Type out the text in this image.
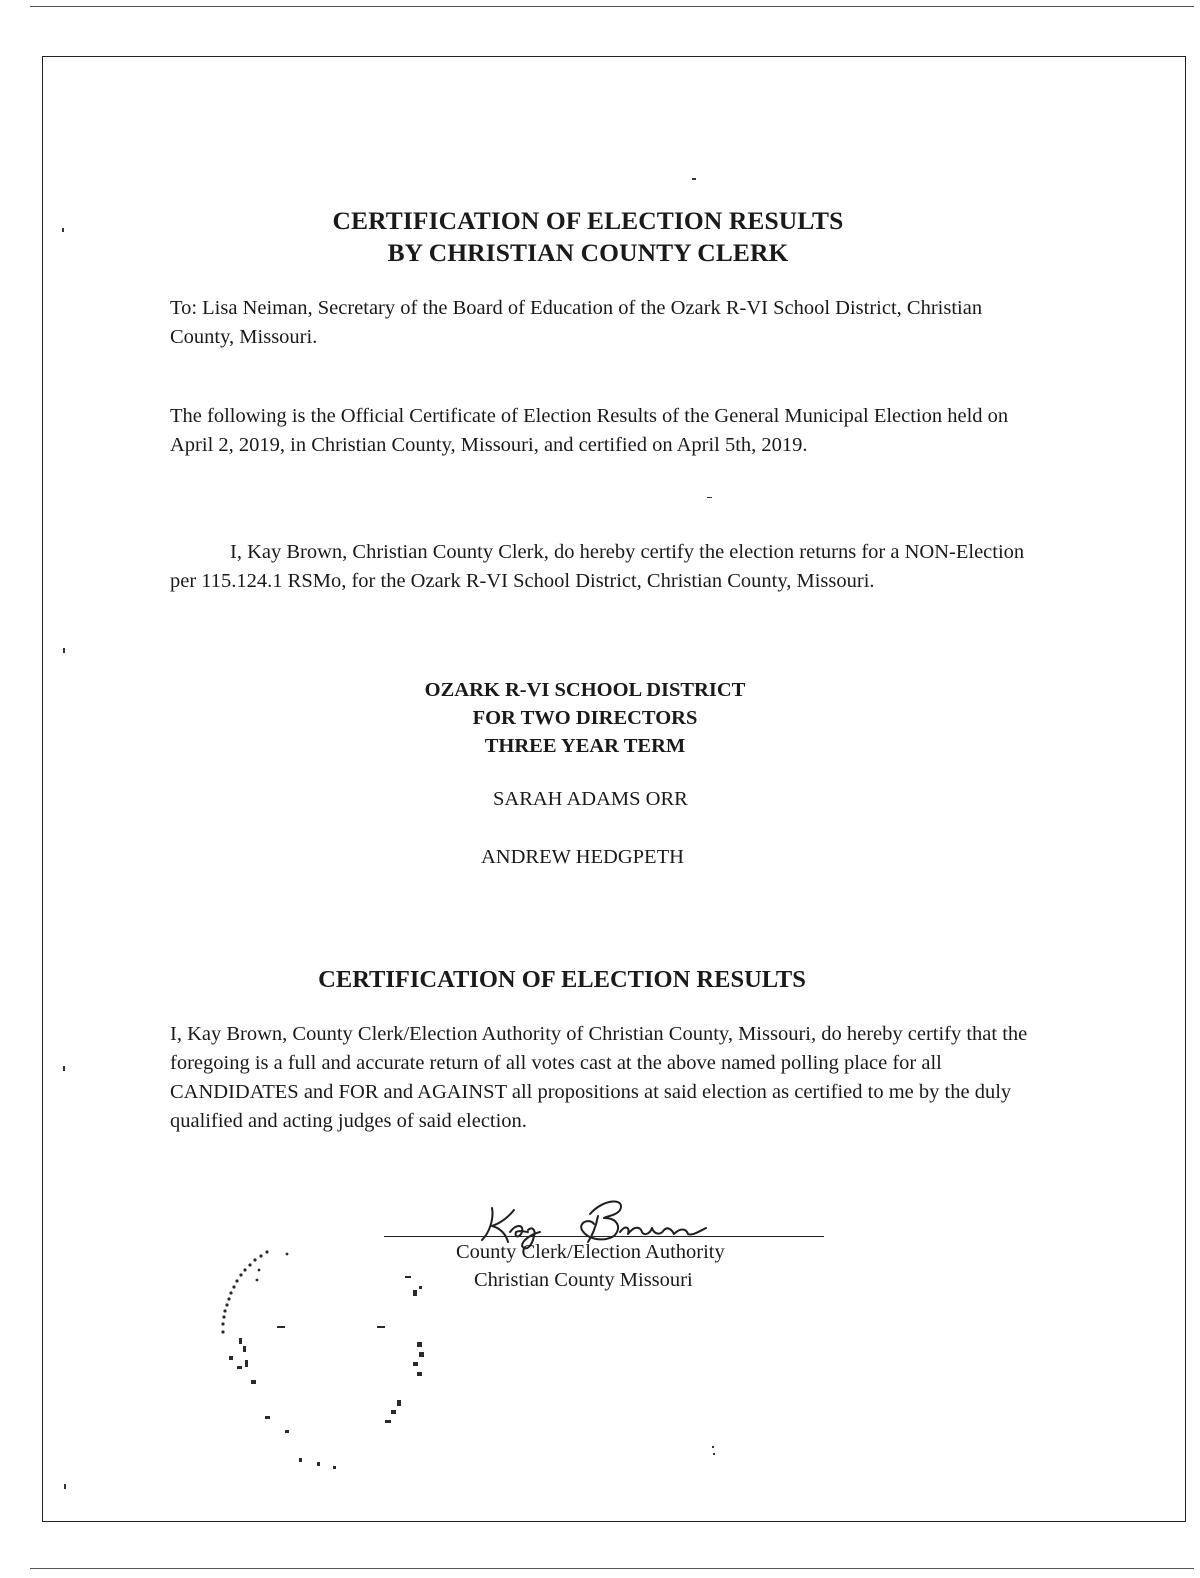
CERTIFICATION OF ELECTION RESULTS
BY CHRISTIAN COUNTY CLERK
To: Lisa Neiman, Secretary of the Board of Education of the Ozark R-VI School District, Christian County, Missouri.
The following is the Official Certificate of Election Results of the General Municipal Election held on April 2, 2019, in Christian County, Missouri, and certified on April 5th, 2019.
I, Kay Brown, Christian County Clerk, do hereby certify the election returns for a NON-Election per 115.124.1 RSMo, for the Ozark R-VI School District, Christian County, Missouri.
OZARK R-VI SCHOOL DISTRICT
FOR TWO DIRECTORS
THREE YEAR TERM
SARAH ADAMS ORR
ANDREW HEDGPETH
CERTIFICATION OF ELECTION RESULTS
I, Kay Brown, County Clerk/Election Authority of Christian County, Missouri, do hereby certify that the foregoing is a full and accurate return of all votes cast at the above named polling place for all CANDIDATES and FOR and AGAINST all propositions at said election as certified to me by the duly qualified and acting judges of said election.
County Clerk/Election Authority
Christian County Missouri
